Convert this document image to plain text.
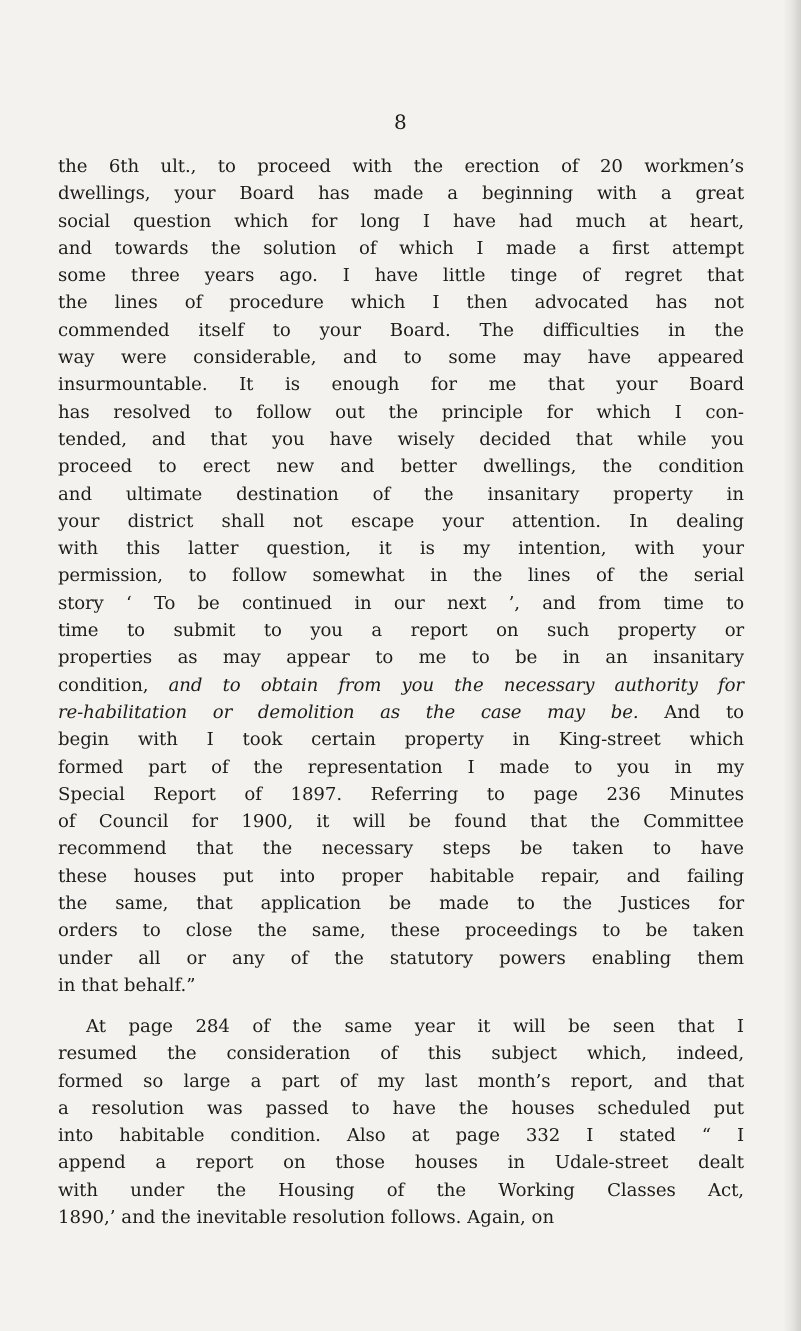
8
the 6th ult., to proceed with the erection of 20 workmen’s
dwellings, your Board has made a beginning with a great
social question which for long I have had much at heart,
and towards the solution of which I made a first attempt
some three years ago. I have little tinge of regret that
the lines of procedure which I then advocated has not
commended itself to your Board. The difficulties in the
way were considerable, and to some may have appeared
insurmountable. It is enough for me that your Board
has resolved to follow out the principle for which I con-
tended, and that you have wisely decided that while you
proceed to erect new and better dwellings, the condition
and ultimate destination of the insanitary property in
your district shall not escape your attention. In dealing
with this latter question, it is my intention, with your
permission, to follow somewhat in the lines of the serial
story ‘ To be continued in our next ’, and from time to
time to submit to you a report on such property or
properties as may appear to me to be in an insanitary
condition, and to obtain from you the necessary authority for
re-habilitation or demolition as the case may be. And to
begin with I took certain property in King-street which
formed part of the representation I made to you in my
Special Report of 1897. Referring to page 236 Minutes
of Council for 1900, it will be found that the Committee
recommend that the necessary steps be taken to have
these houses put into proper habitable repair, and failing
the same, that application be made to the Justices for
orders to close the same, these proceedings to be taken
under all or any of the statutory powers enabling them
in that behalf.”
At page 284 of the same year it will be seen that I
resumed the consideration of this subject which, indeed,
formed so large a part of my last month’s report, and that
a resolution was passed to have the houses scheduled put
into habitable condition. Also at page 332 I stated “ I
append a report on those houses in Udale-street dealt
with under the Housing of the Working Classes Act,
1890,’ and the inevitable resolution follows. Again, on
